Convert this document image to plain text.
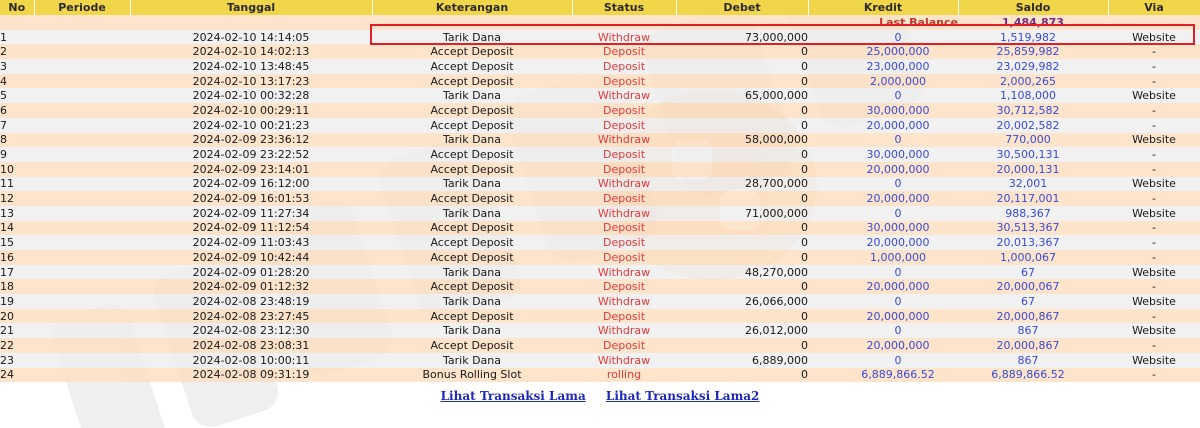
No	Periode	Tanggal	Keterangan	Status	Debet	Kredit	Saldo	Via
						Last Balance	1,484,873	
1		2024-02-10 14:14:05	Tarik Dana	Withdraw	73,000,000	0	1,519,982	Website
2		2024-02-10 14:02:13	Accept Deposit	Deposit	0	25,000,000	25,859,982	-
3		2024-02-10 13:48:45	Accept Deposit	Deposit	0	23,000,000	23,029,982	-
4		2024-02-10 13:17:23	Accept Deposit	Deposit	0	2,000,000	2,000,265	-
5		2024-02-10 00:32:28	Tarik Dana	Withdraw	65,000,000	0	1,108,000	Website
6		2024-02-10 00:29:11	Accept Deposit	Deposit	0	30,000,000	30,712,582	-
7		2024-02-10 00:21:23	Accept Deposit	Deposit	0	20,000,000	20,002,582	-
8		2024-02-09 23:36:12	Tarik Dana	Withdraw	58,000,000	0	770,000	Website
9		2024-02-09 23:22:52	Accept Deposit	Deposit	0	30,000,000	30,500,131	-
10		2024-02-09 23:14:01	Accept Deposit	Deposit	0	20,000,000	20,000,131	-
11		2024-02-09 16:12:00	Tarik Dana	Withdraw	28,700,000	0	32,001	Website
12		2024-02-09 16:01:53	Accept Deposit	Deposit	0	20,000,000	20,117,001	-
13		2024-02-09 11:27:34	Tarik Dana	Withdraw	71,000,000	0	988,367	Website
14		2024-02-09 11:12:54	Accept Deposit	Deposit	0	30,000,000	30,513,367	-
15		2024-02-09 11:03:43	Accept Deposit	Deposit	0	20,000,000	20,013,367	-
16		2024-02-09 10:42:44	Accept Deposit	Deposit	0	1,000,000	1,000,067	-
17		2024-02-09 01:28:20	Tarik Dana	Withdraw	48,270,000	0	67	Website
18		2024-02-09 01:12:32	Accept Deposit	Deposit	0	20,000,000	20,000,067	-
19		2024-02-08 23:48:19	Tarik Dana	Withdraw	26,066,000	0	67	Website
20		2024-02-08 23:27:45	Accept Deposit	Deposit	0	20,000,000	20,000,867	-
21		2024-02-08 23:12:30	Tarik Dana	Withdraw	26,012,000	0	867	Website
22		2024-02-08 23:08:31	Accept Deposit	Deposit	0	20,000,000	20,000,867	-
23		2024-02-08 10:00:11	Tarik Dana	Withdraw	6,889,000	0	867	Website
24		2024-02-08 09:31:19	Bonus Rolling Slot	rolling	0	6,889,866.52	6,889,866.52	-
Lihat Transaksi Lama Lihat Transaksi Lama2
